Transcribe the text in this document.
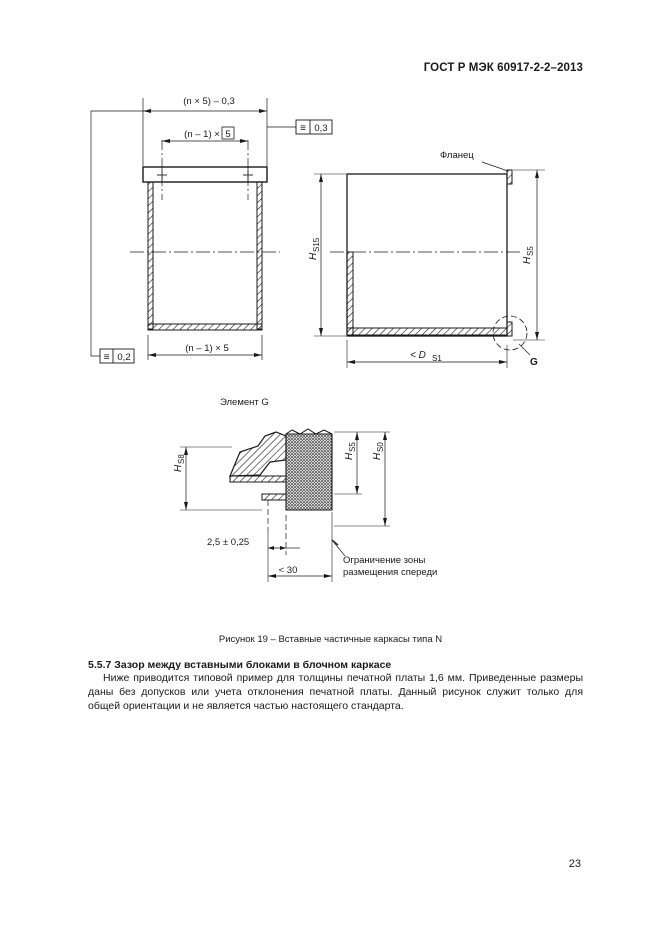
ГОСТ Р МЭК 60917-2-2–2013
(n × 5) – 0,3
(n – 1) × 5
(n – 1) × 5
≡ 0,3
≡ 0,2
Фланец
H
S15
H
S5
< D S1	G
Элемент G
H
S8	H
S5
H
S0
2,5 ± 0,25
< 30
Ограничение зоны
размещения спереди
Рисунок 19 – Вставные частичные каркасы типа N
5.5.7 Зазор между вставными блоками в блочном каркасе
Ниже приводится типовой пример для толщины печатной платы 1,6 мм. Приведенные размеры даны без допусков или учета отклонения печатной платы. Данный рисунок служит только для общей ориентации и не является частью настоящего стандарта.
23
